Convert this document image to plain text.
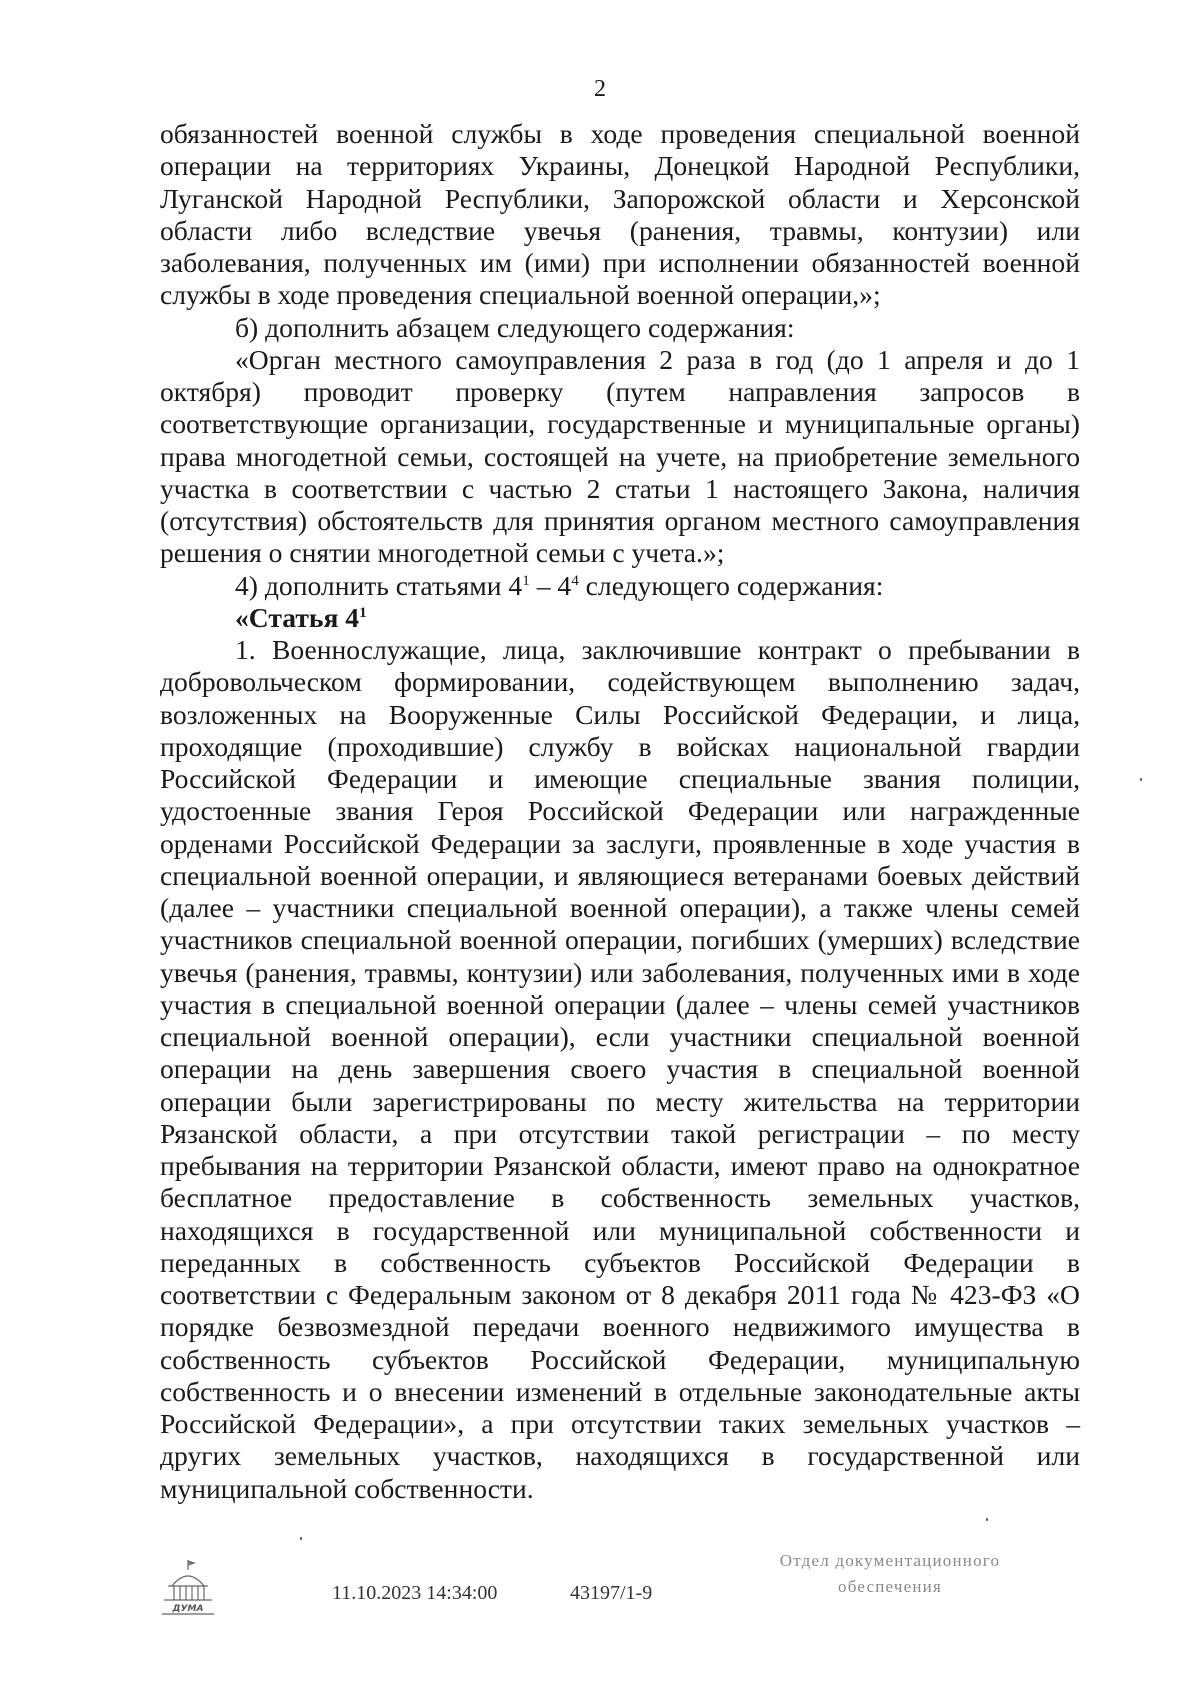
2

обязанностей военной службы в ходе проведения специальной военной операции на территориях Украины, Донецкой Народной Республики, Луганской Народной Республики, Запорожской области и Херсонской области либо вследствие увечья (ранения, травмы, контузии) или заболевания, полученных им (ими) при исполнении обязанностей военной службы в ходе проведения специальной военной операции,»;

б) дополнить абзацем следующего содержания:

«Орган местного самоуправления 2 раза в год (до 1 апреля и до 1 октября) проводит проверку (путем направления запросов в соответствующие организации, государственные и муниципальные органы) права многодетной семьи, состоящей на учете, на приобретение земельного участка в соответствии с частью 2 статьи 1 настоящего Закона, наличия (отсутствия) обстоятельств для принятия органом местного самоуправления решения о снятии многодетной семьи с учета.»;

4) дополнить статьями $4^1 - 4^4$ следующего содержания:

«Статья $4^1$

1. Военнослужащие, лица, заключившие контракт о пребывании в добровольческом формировании, содействующем выполнению задач, возложенных на Вооруженные Силы Российской Федерации, и лица, проходящие (проходившие) службу в войсках национальной гвардии Российской Федерации и имеющие специальные звания полиции, удостоенные звания Героя Российской Федерации или награжденные орденами Российской Федерации за заслуги, проявленные в ходе участия в специальной военной операции, и являющиеся ветеранами боевых действий (далее – участники специальной военной операции), а также члены семей участников специальной военной операции, погибших (умерших) вследствие увечья (ранения, травмы, контузии) или заболевания, полученных ими в ходе участия в специальной военной операции (далее – члены семей участников специальной военной операции), если участники специальной военной операции на день завершения своего участия в специальной военной операции были зарегистрированы по месту жительства на территории Рязанской области, а при отсутствии такой регистрации – по месту пребывания на территории Рязанской области, имеют право на однократное бесплатное предоставление в собственность земельных участков, находящихся в государственной или муниципальной собственности и переданных в собственность субъектов Российской Федерации в соответствии с Федеральным законом от 8 декабря 2011 года № 423-ФЗ «О порядке безвозмездной передачи военного недвижимого имущества в собственность субъектов Российской Федерации, муниципальную собственность и о внесении изменений в отдельные законодательные акты Российской Федерации», а при отсутствии таких земельных участков – других земельных участков, находящихся в государственной или муниципальной собственности.

ДУМА
11.10.2023 14:34:00	43197/1-9
Отдел документационного
обеспечения
